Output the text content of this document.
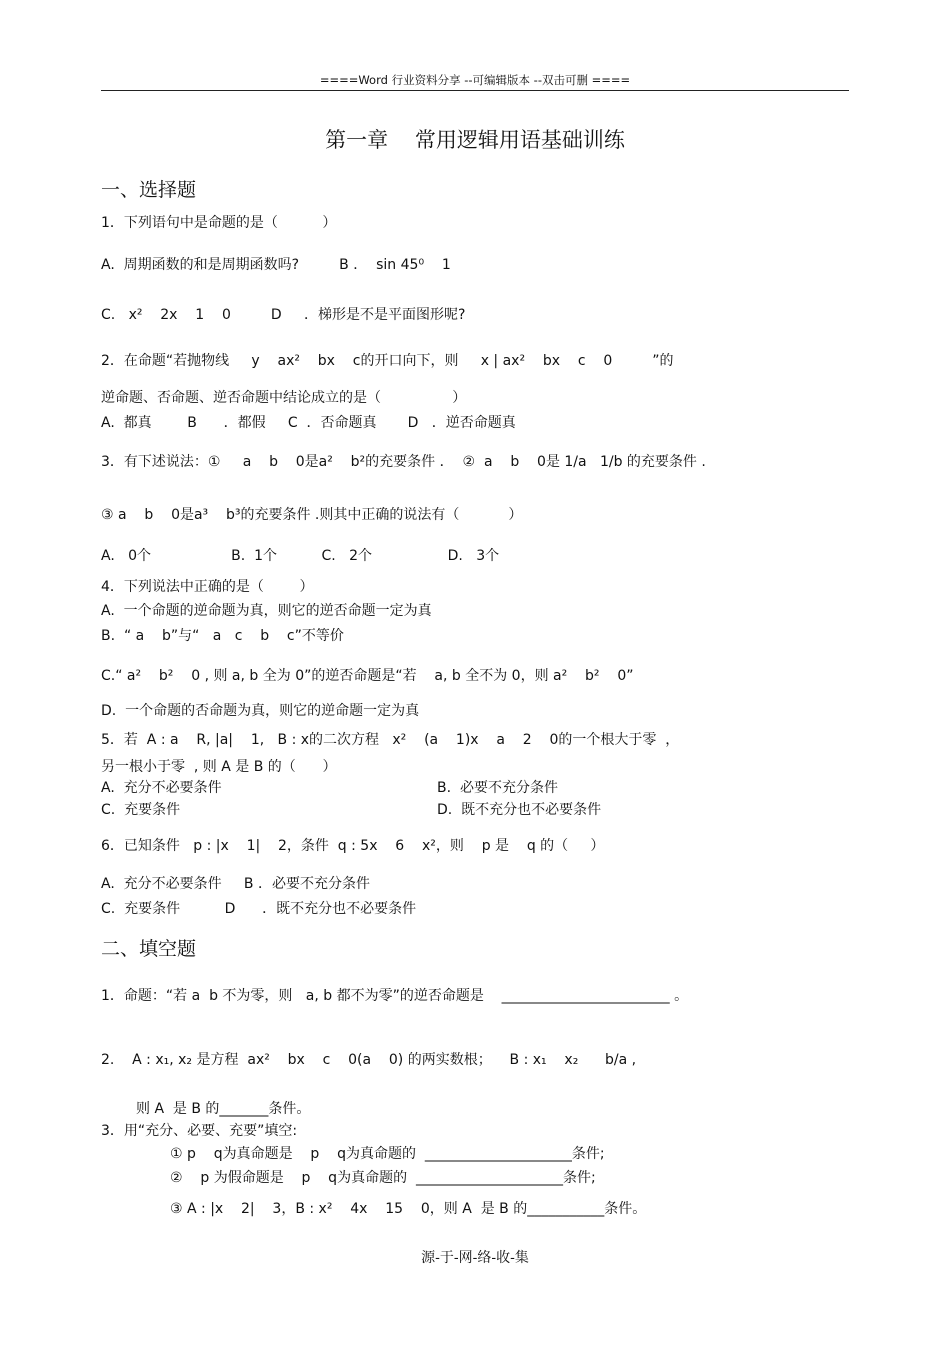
====Word 行业资料分享 --可编辑版本 --双击可删 ====
第一章    常用逻辑用语基础训练
一、选择题
1．下列语句中是命题的是（          ）
A.  周期函数的和是周期函数吗?         B ．  sin 45⁰    1
C.   x²    2x    1    0         D     ．梯形是不是平面图形呢?
2．在命题“若抛物线     y    ax²    bx    c的开口向下，则     x | ax²    bx    c    0         ”的
逆命题、否命题、逆否命题中结论成立的是（                ）
A.  都真        B      ．都假     C  ．否命题真       D   ．逆否命题真
3．有下述说法：①     a    b    0是a²    b²的充要条件 ．  ②  a    b    0是 1/a   1/b 的充要条件 .
③ a    b    0是a³    b³的充要条件 .则其中正确的说法有（           ）
A.   0个                  B.  1个          C.   2个                 D.   3个
4．下列说法中正确的是（        ）
A.  一个命题的逆命题为真，则它的逆否命题一定为真
B.  “ a    b”与“   a   c    b    c”不等价
C.“ a²    b²    0 , 则 a, b 全为 0”的逆否命题是“若    a, b 全不为 0，则 a²    b²    0”
D.  一个命题的否命题为真，则它的逆命题一定为真
5．若  A : a    R, |a|    1,   B : x的二次方程   x²    (a    1)x    a    2    0的一个根大于零  ，
另一根小于零  , 则 A 是 B 的（      ）
A.  充分不必要条件	B.  必要不充分条件
C.  充要条件	D.  既不充分也不必要条件
6．已知条件   p : |x    1|    2，条件  q : 5x    6    x²，则    p 是    q 的（     ）
A.  充分不必要条件     B ．必要不充分条件
C.  充要条件          D      ．既不充分也不必要条件
二、填空题
1．命题：“若 a  b 不为零，则   a, b 都不为零”的逆否命题是    ________________________ 。
2.    A : x₁, x₂ 是方程  ax²    bx    c    0(a    0) 的两实数根；    B : x₁    x₂      b/a ,
则 A  是 B 的_______条件。
3．用“充分、必要、充要”填空:
① p    q为真命题是    p    q为真命题的  _____________________条件;
②    p 为假命题是    p    q为真命题的  _____________________条件;
③ A : |x    2|    3，B : x²    4x    15    0，则 A  是 B 的___________条件。
源-于-网-络-收-集
